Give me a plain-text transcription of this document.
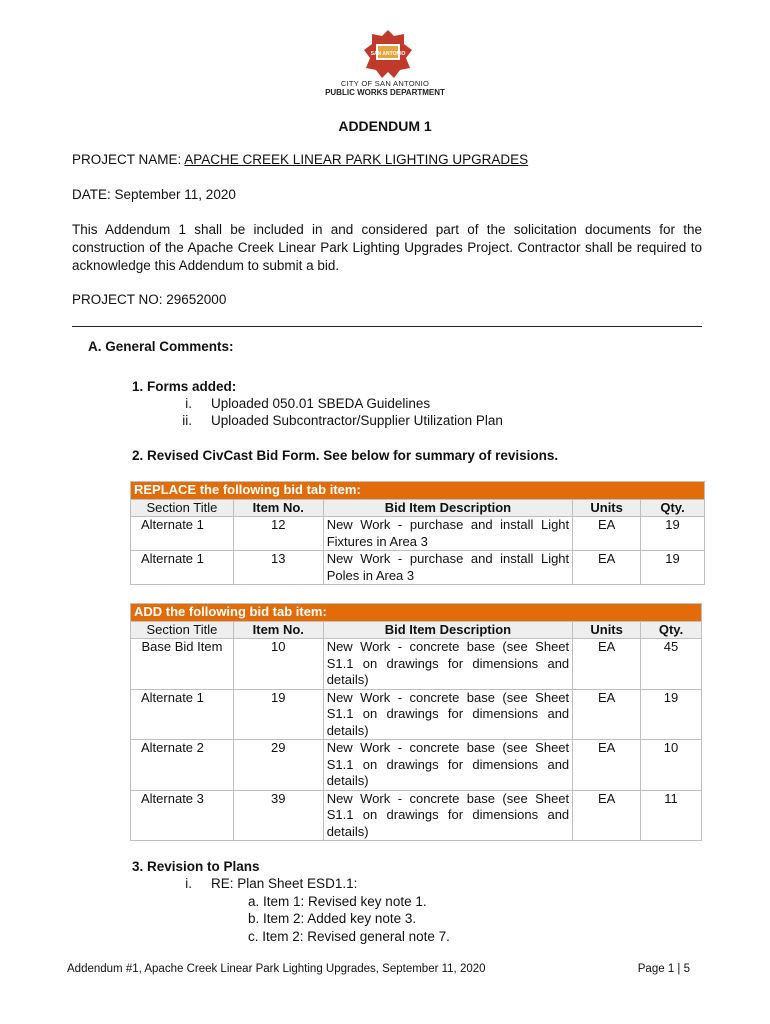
SAN ANTONIO
CITY OF SAN ANTONIO
PUBLIC WORKS DEPARTMENT
ADDENDUM 1
PROJECT NAME: APACHE CREEK LINEAR PARK LIGHTING UPGRADES
DATE: September 11, 2020
This Addendum 1 shall be included in and considered part of the solicitation documents for the construction of the Apache Creek Linear Park Lighting Upgrades Project. Contractor shall be required to acknowledge this Addendum to submit a bid.
PROJECT NO: 29652000
A. General Comments:
1. Forms added:
i. Uploaded 050.01 SBEDA Guidelines
ii. Uploaded Subcontractor/Supplier Utilization Plan
2. Revised CivCast Bid Form. See below for summary of revisions.
REPLACE the following bid tab item:				
Section Title	Item No.	Bid Item Description	Units	Qty.
Alternate 1	12	New Work - purchase and install Light Fixtures in Area 3	EA	19
Alternate 1	13	New Work - purchase and install Light Poles in Area 3	EA	19
ADD the following bid tab item:				
Section Title	Item No.	Bid Item Description	Units	Qty.
Base Bid Item	10	New Work - concrete base (see Sheet S1.1 on drawings for dimensions and details)	EA	45
Alternate 1	19	New Work - concrete base (see Sheet S1.1 on drawings for dimensions and details)	EA	19
Alternate 2	29	New Work - concrete base (see Sheet S1.1 on drawings for dimensions and details)	EA	10
Alternate 3	39	New Work - concrete base (see Sheet S1.1 on drawings for dimensions and details)	EA	11
3. Revision to Plans
i. RE: Plan Sheet ESD1.1:
a. Item 1: Revised key note 1.
b. Item 2: Added key note 3.
c. Item 2: Revised general note 7.
Addendum #1, Apache Creek Linear Park Lighting Upgrades, September 11, 2020	Page 1 | 5
